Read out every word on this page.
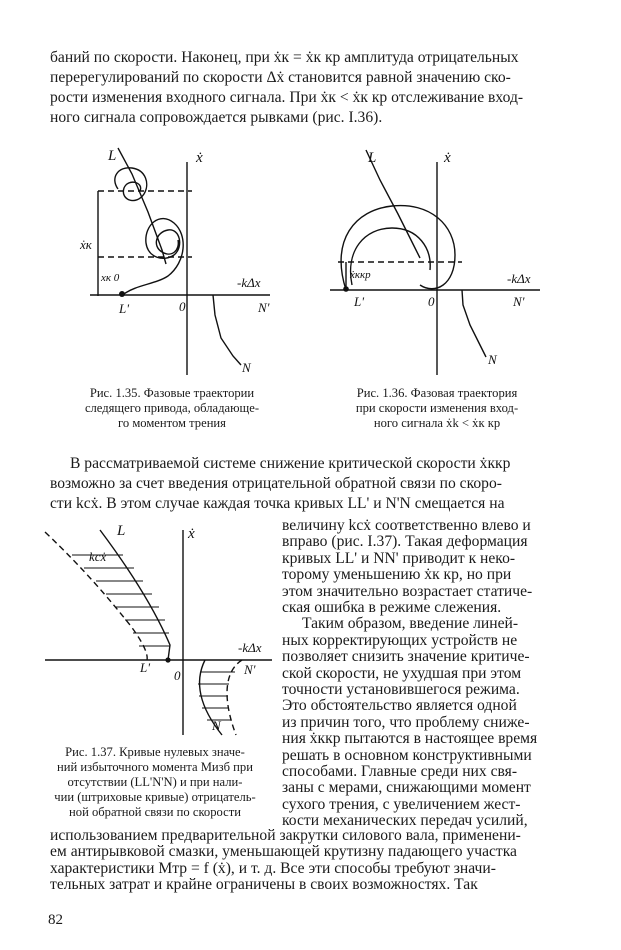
баний по скорости. Наконец, при ẋк = ẋк кр амплитуда отрицательных
перерегулирований по скорости Δẋ становится равной значению ско-
рости изменения входного сигнала. При ẋк < ẋк кр отслеживание вход-
ного сигнала сопровождается рывками (рис. I.36).
L	ẋ
ẋк
xк 0	-kΔx
L'	0	N'
N
Рис. 1.35. Фазовые траектории
следящего привода, обладающе-
го моментом трения
L	ẋ
ẋккр	-kΔx
L'	0	N'
N
Рис. 1.36. Фазовая траектория
при скорости изменения вход-
ного сигнала ẋk < ẋк кр
В рассматриваемой системе снижение критической скорости ẋккр
возможно за счет введения отрицательной обратной связи по скоро-
сти kсẋ. В этом случае каждая точка кривых LL' и N'N смещается на
L	ẋ
kсẋ
-kΔx
L'
0	N'
N
Рис. 1.37. Кривые нулевых значе-
ний избыточного момента Mизб при
отсутствии (LL'N'N) и при нали-
чии (штриховые кривые) отрицатель-
ной обратной связи по скорости
величину kсẋ соответственно влево и
вправо (рис. I.37). Такая деформация
кривых LL' и NN' приводит к неко-
торому уменьшению ẋк кр, но при
этом значительно возрастает статиче-
ская ошибка в режиме слежения.
Таким образом, введение линей-
ных корректирующих устройств не
позволяет снизить значение критиче-
ской скорости, не ухудшая при этом
точности установившегося режима.
Это обстоятельство является одной
из причин того, что проблему сниже-
ния ẋккр пытаются в настоящее время
решать в основном конструктивными
способами. Главные среди них свя-
заны с мерами, снижающими момент
сухого трения, с увеличением жест-
кости механических передач усилий,
использованием предварительной закрутки силового вала, применени-
ем антирывковой смазки, уменьшающей крутизну падающего участка
характеристики Mтр = f (ẋ), и т. д. Все эти способы требуют значи-
тельных затрат и крайне ограничены в своих возможностях. Так
82
